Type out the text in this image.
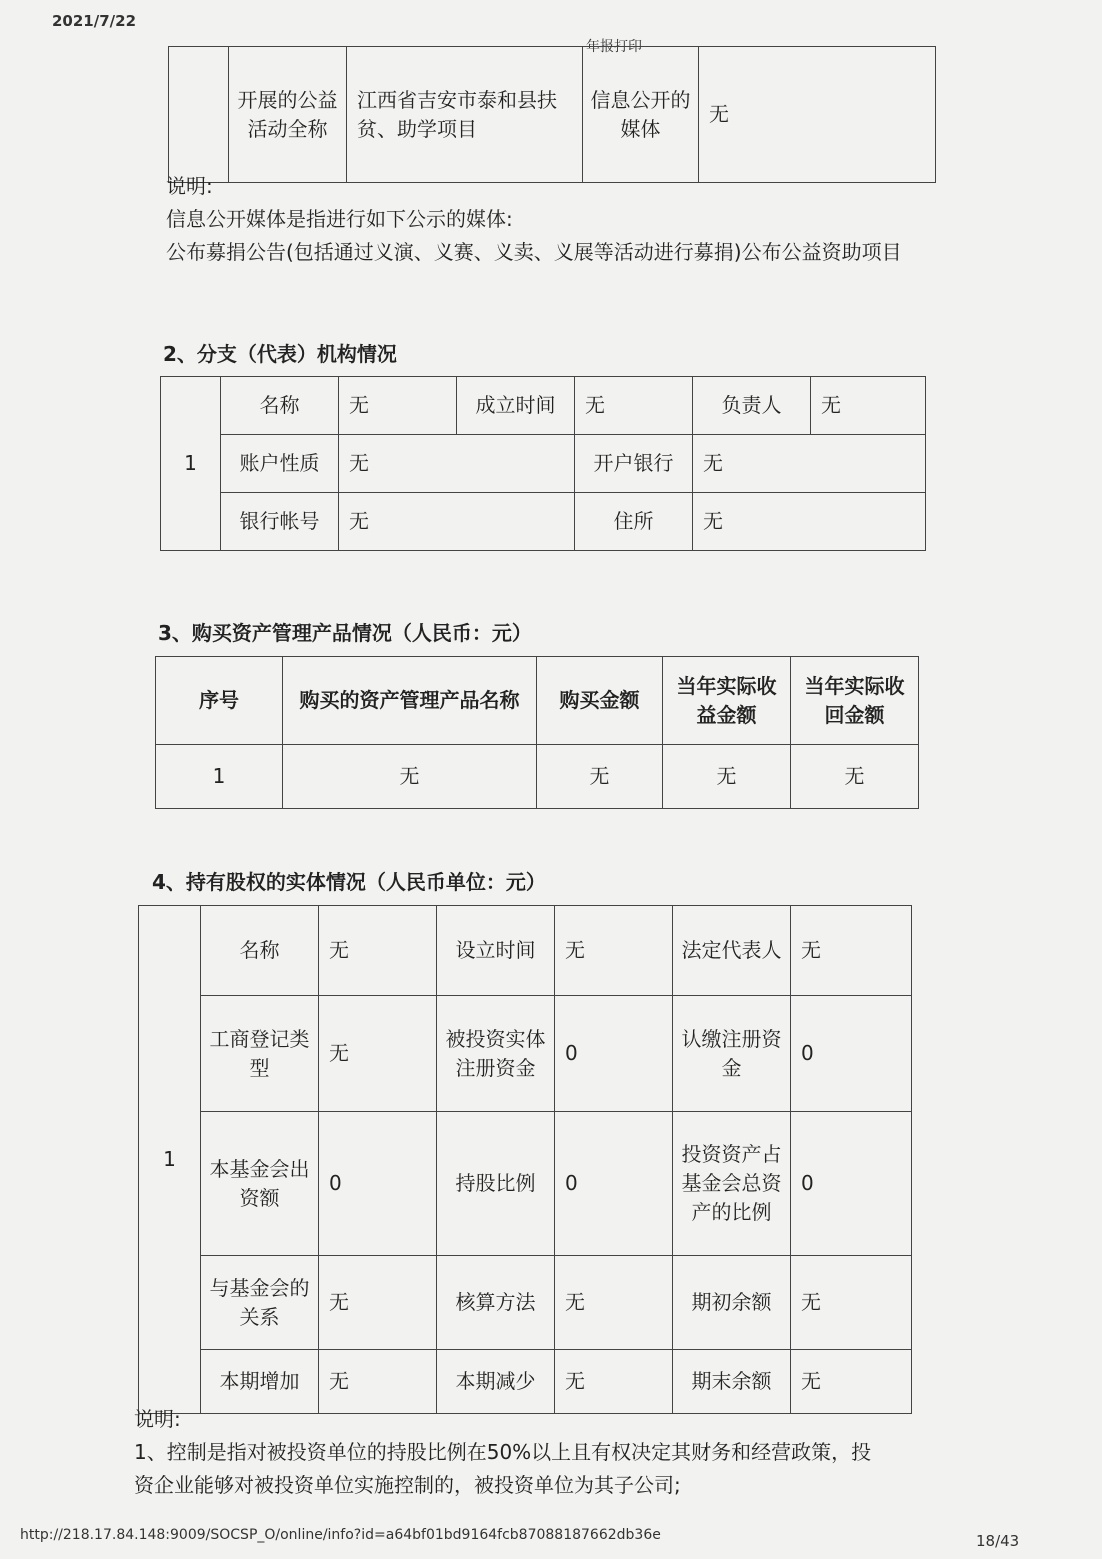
2021/7/22
年报打印
http://218.17.84.148:9009/SOCSP_O/online/info?id=a64bf01bd9164fcb87088187662db36e	18/43
	开展的公益活动全称	江西省吉安市泰和县扶贫、助学项目	信息公开的媒体	无
说明:
信息公开媒体是指进行如下公示的媒体:
公布募捐公告(包括通过义演、义赛、义卖、义展等活动进行募捐)公布公益资助项目
2、分支（代表）机构情况
1	名称	无	成立时间	无	负责人	无
	账户性质	无		开户银行	无	
	银行帐号	无		住所	无	
3、购买资产管理产品情况（人民币：元）
序号	购买的资产管理产品名称	购买金额	当年实际收益金额	当年实际收回金额
1	无	无	无	无
4、持有股权的实体情况（人民币单位：元）
1	名称	无	设立时间	无	法定代表人	无
	工商登记类型	无	被投资实体注册资金	0	认缴注册资金	0
	本基金会出资额	0	持股比例	0	投资资产占基金会总资产的比例	0
	与基金会的关系	无	核算方法	无	期初余额	无
	本期增加	无	本期减少	无	期末余额	无
说明:
1、控制是指对被投资单位的持股比例在50%以上且有权决定其财务和经营政策，投
资企业能够对被投资单位实施控制的，被投资单位为其子公司;
